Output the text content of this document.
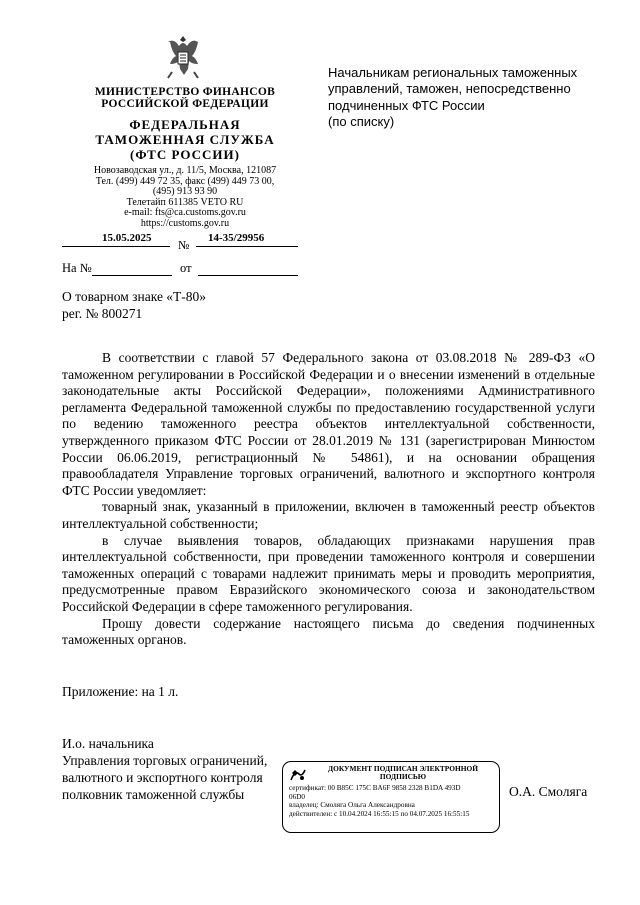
МИНИСТЕРСТВО ФИНАНСОВ
РОССИЙСКОЙ ФЕДЕРАЦИИ
ФЕДЕРАЛЬНАЯ
ТАМОЖЕННАЯ СЛУЖБА
(ФТС РОССИИ)
Новозаводская ул., д. 11/5, Москва, 121087
Тел. (499) 449 72 35, факс (499) 449 73 00,
(495) 913 93 90
Телетайп 611385 VETO RU
e-mail: fts@ca.customs.gov.ru
https://customs.gov.ru
15.05.2025 № 14-35/29956
На №	от
Начальникам региональных таможенных
управлений, таможен, непосредственно
подчиненных ФТС России
(по списку)
О товарном знаке «Т-80»
рег. № 800271

В соответствии с главой 57 Федерального закона от 03.08.2018 № 289-ФЗ «О таможенном регулировании в Российской Федерации и о внесении изменений в отдельные законодательные акты Российской Федерации», положениями Административного регламента Федеральной таможенной службы по предоставлению государственной услуги по ведению таможенного реестра объектов интеллектуальной собственности, утвержденного приказом ФТС России от 28.01.2019 № 131 (зарегистрирован Минюстом России 06.06.2019, регистрационный № 54861), и на основании обращения правообладателя Управление торговых ограничений, валютного и экспортного контроля ФТС России уведомляет:

товарный знак, указанный в приложении, включен в таможенный реестр объектов интеллектуальной собственности;

в случае выявления товаров, обладающих признаками нарушения прав интеллектуальной собственности, при проведении таможенного контроля и совершении таможенных операций с товарами надлежит принимать меры и проводить мероприятия, предусмотренные правом Евразийского экономического союза и законодательством Российской Федерации в сфере таможенного регулирования.

Прошу довести содержание настоящего письма до сведения подчиненных таможенных органов.

Приложение: на 1 л.
И.о. начальника
Управления торговых ограничений,
валютного и экспортного контроля
полковник таможенной службы
ДОКУМЕНТ ПОДПИСАН ЭЛЕКТРОННОЙ
ПОДПИСЬЮ
сертификат: 00 B85C 175C BA6F 9858 2328 B1DA 493D
06D0
владелец: Смоляга Ольга Александровна
действителен: с 10.04.2024 16:55:15 по 04.07.2025 16:55:15
О.А. Смоляга
